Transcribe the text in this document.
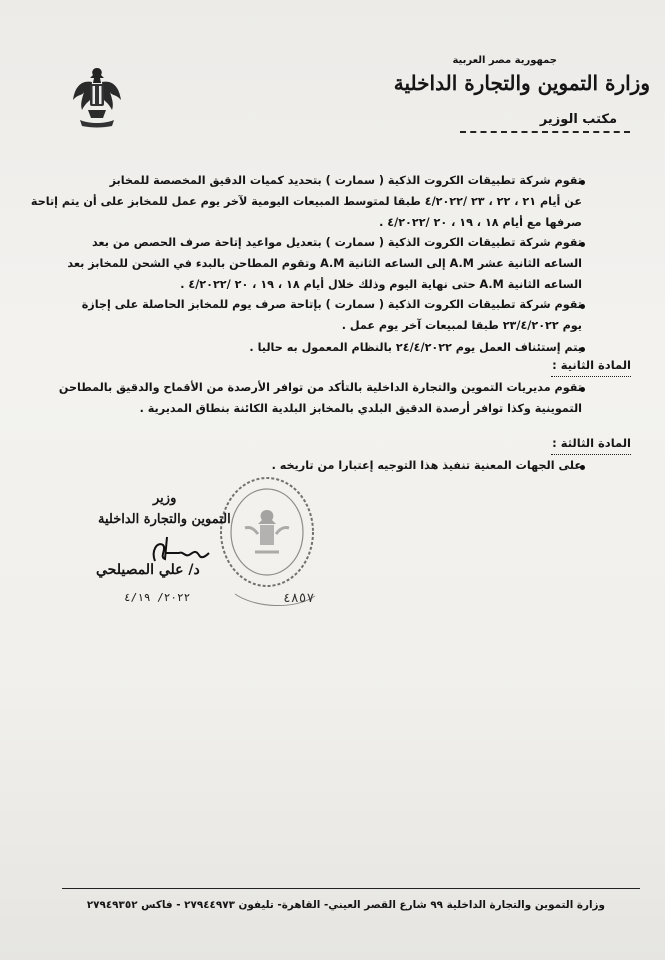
جمهورية مصر العربية
وزارة التموين والتجارة الداخلية
مكتب الوزير
تقوم شركة تطبيقات الكروت الذكية ( سمارت ) بتحديد كميات الدقيق المخصصة للمخابز
عن أيام ٢١ ، ٢٢ ، ٢٣ /٤/٢٠٢٢ طبقا لمتوسط المبيعات اليومية لآخر يوم عمل للمخابز على أن يتم إتاحة
صرفها مع أيام ١٨ ، ١٩ ، ٢٠ /٤/٢٠٢٢ .
تقوم شركة تطبيقات الكروت الذكية ( سمارت ) بتعديل مواعيد إتاحة صرف الحصص من بعد
الساعه الثانية عشر A.M إلى الساعه الثانية A.M وتقوم المطاحن بالبدء في الشحن للمخابز بعد
الساعه الثانية A.M حتى نهاية اليوم وذلك خلال أيام ١٨ ، ١٩ ، ٢٠ /٤/٢٠٢٢ .
تقوم شركة تطبيقات الكروت الذكية ( سمارت ) بإتاحة صرف يوم للمخابز الحاصلة على إجازة
يوم ٢٣/٤/٢٠٢٢ طبقا لمبيعات آخر يوم عمل .
يتم إستئناف العمل يوم ٢٤/٤/٢٠٢٢ بالنظام المعمول به حاليا .
المادة الثانية :
تقوم مديريات التموين والتجارة الداخلية بالتأكد من توافر الأرصدة من الأقماح والدقيق بالمطاحن
التموينية وكذا توافر أرصدة الدقيق البلدي بالمخابز البلدية الكائنة بنطاق المديرية .
المادة الثالثة :
على الجهات المعنية تنفيذ هذا التوجيه إعتبارا من تاريخه .
٤٨٥٧
وزير
التموين والتجارة الداخلية
د/ علي المصيلحي
٢٠٢٢/ ٤/١٩
وزارة التموين والتجارة الداخلية ٩٩ شارع القصر العيني- القاهرة- تليفون ٢٧٩٤٤٩٧٣ - فاكس ٢٧٩٤٩٣٥٢
